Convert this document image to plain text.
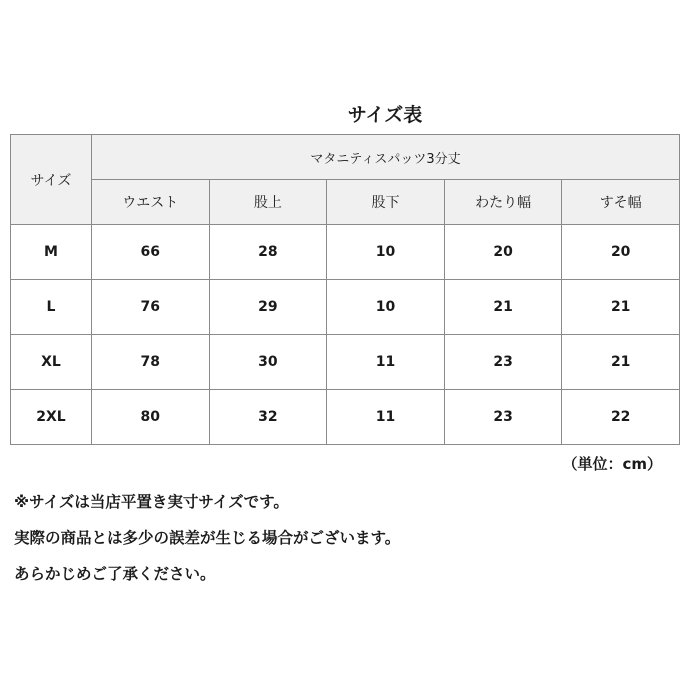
サイズ表
サイズ	マタニティスパッツ3分丈				
	ウエスト	股上	股下	わたり幅	すそ幅
M	66	28	10	20	20
L	76	29	10	21	21
XL	78	30	11	23	21
2XL	80	32	11	23	22
（単位：cm）
※サイズは当店平置き実寸サイズです。
実際の商品とは多少の誤差が生じる場合がございます。
あらかじめご了承ください。
